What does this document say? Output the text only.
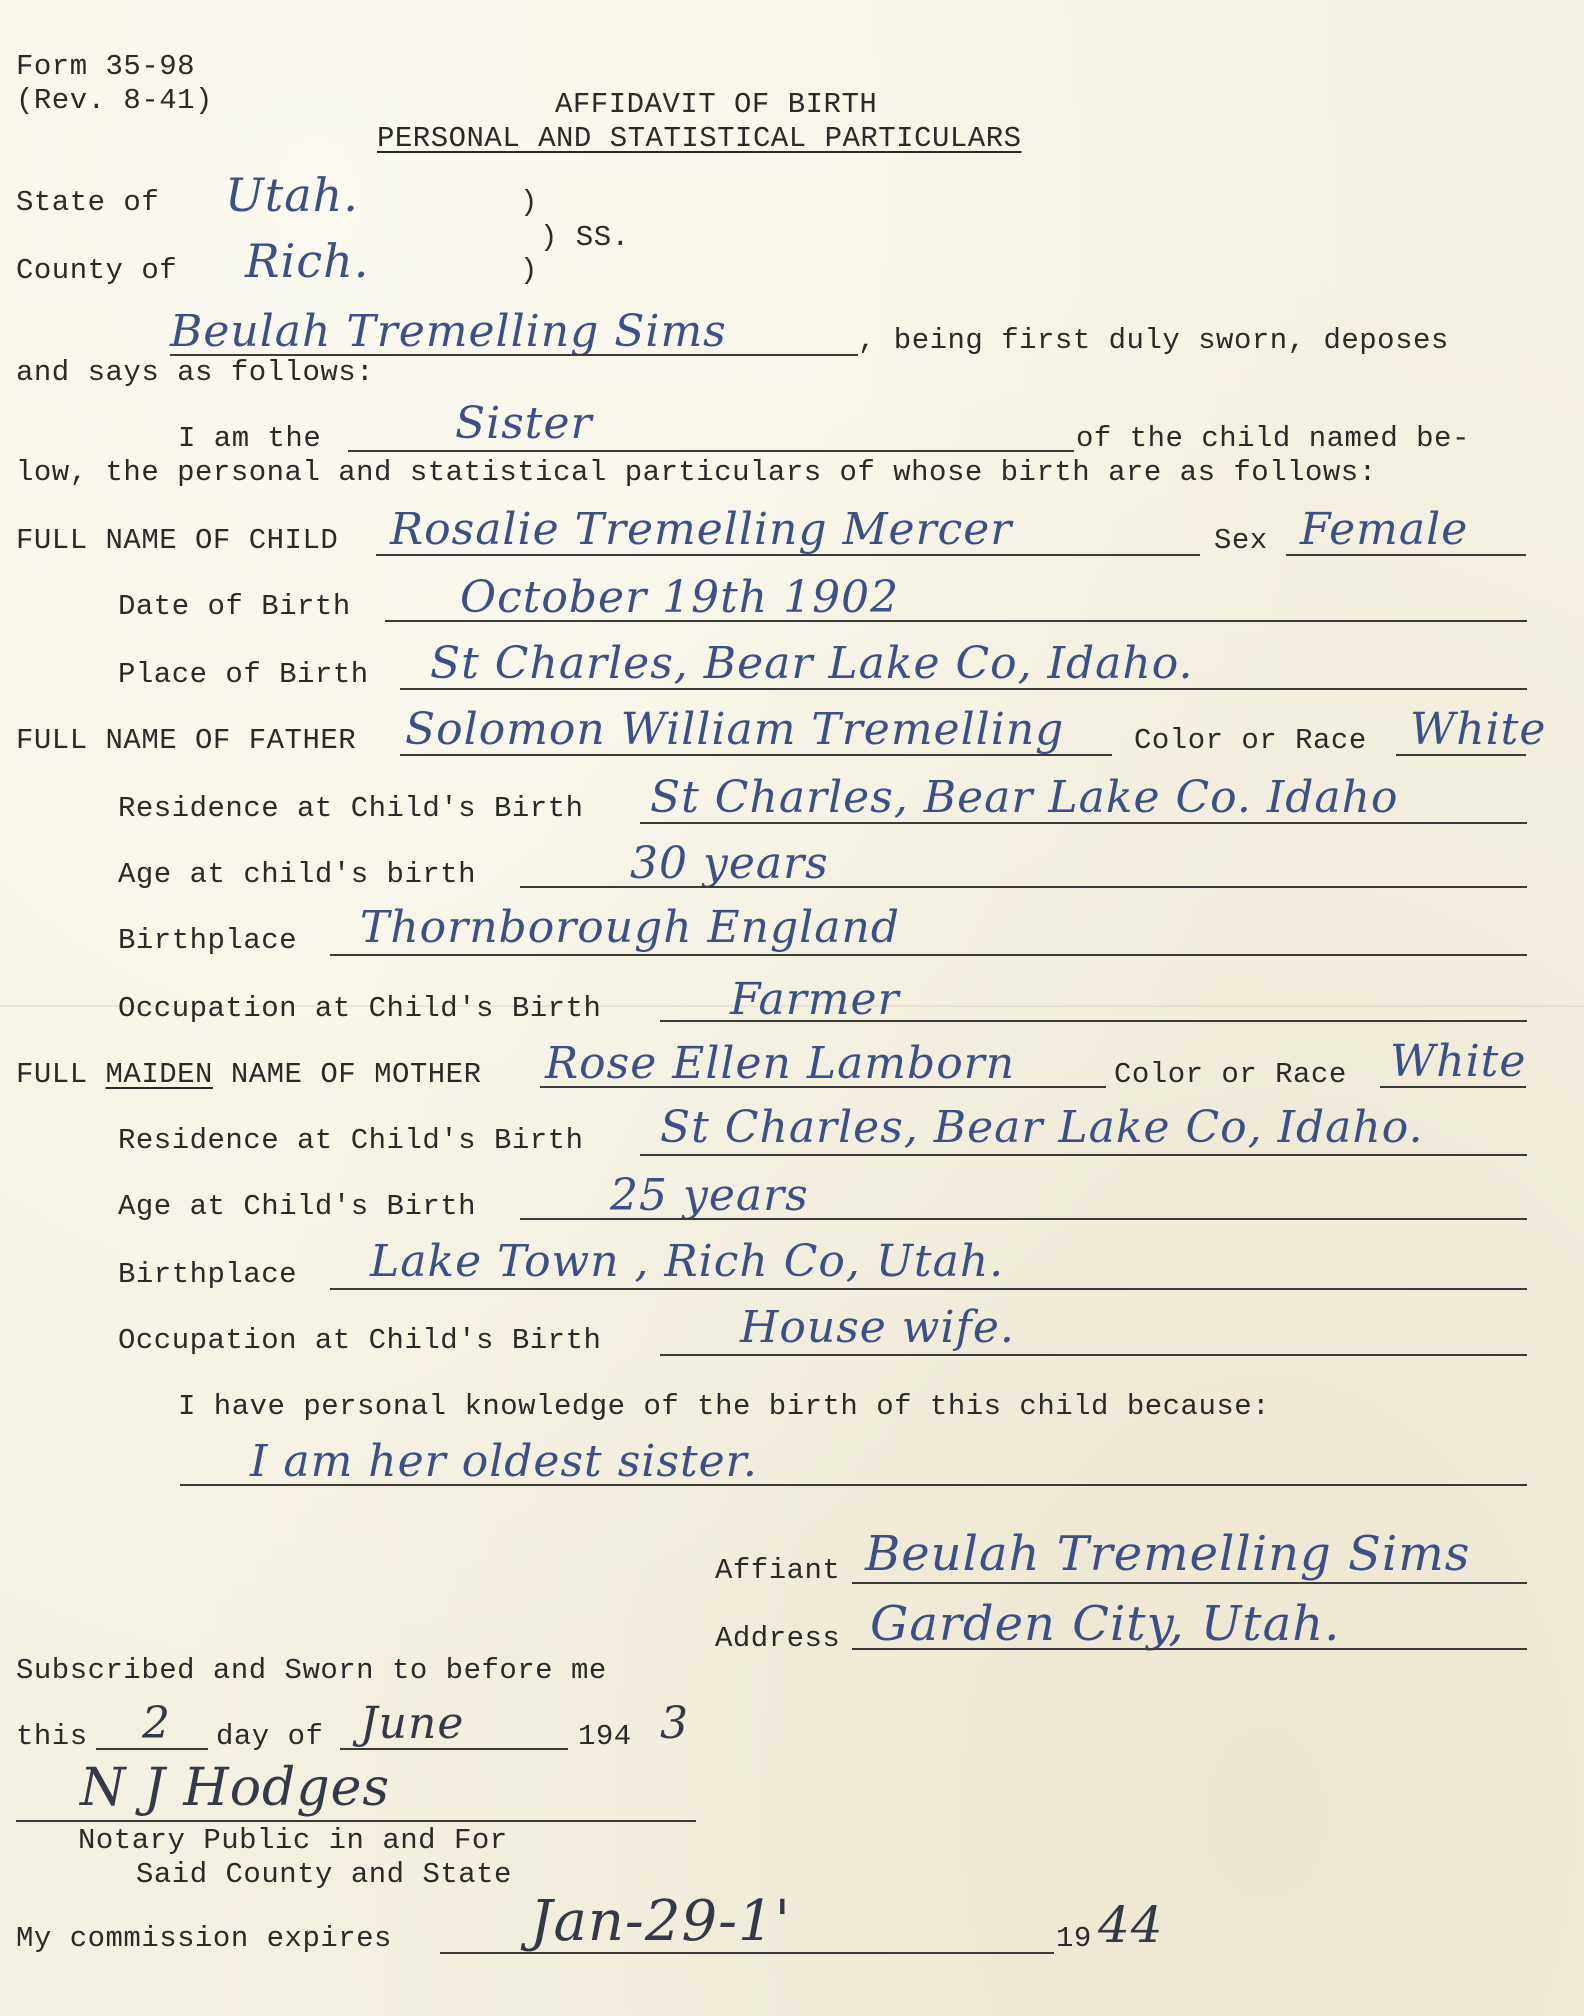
Form 35-98
(Rev. 8-41)	AFFIDAVIT OF BIRTH
PERSONAL AND STATISTICAL PARTICULARS
State of Utah.	)
) SS.
County of Rich.	)
Beulah Tremelling Sims	, being first duly sworn, deposes
and says as follows:
I am the	Sister	of the child named be-
low, the personal and statistical particulars of whose birth are as follows:
FULL NAME OF CHILD Rosalie Tremelling Mercer	Sex Female
Date of Birth October 19th 1902
Place of Birth St Charles, Bear Lake Co, Idaho.
FULL NAME OF FATHER Solomon William Tremelling Color or Race White
Residence at Child's Birth St Charles, Bear Lake Co. Idaho
Age at child's birth	30 years
Birthplace Thornborough England
Occupation at Child's Birth	Farmer
FULL MAIDEN NAME OF MOTHER Rose Ellen Lamborn	Color or Race White
Residence at Child's Birth St Charles, Bear Lake Co, Idaho.
Age at Child's Birth	25 years
Birthplace Lake Town , Rich Co, Utah.
Occupation at Child's Birth	House wife.
I have personal knowledge of the birth of this child because:
I am her oldest sister.
Affiant Beulah Tremelling Sims
Address Garden City, Utah.
Subscribed and Sworn to before me
this 2 day of June	194 3
N J Hodges
Notary Public in and For
Said County and State
My commission expires Jan-29-1'	19 44
